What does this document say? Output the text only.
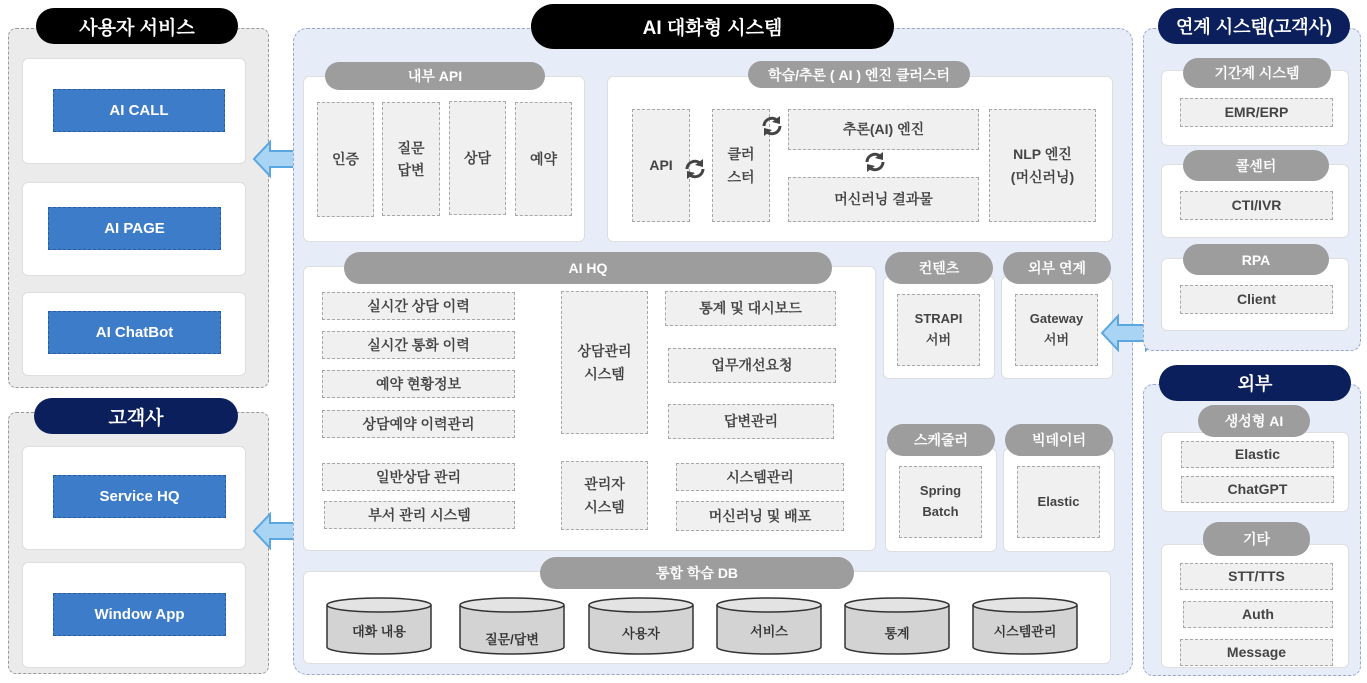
사용자 서비스
AI CALL
AI PAGE
AI ChatBot
고객사
Service HQ
Window App
AI 대화형 시스템
내부 API
인증
질문
답변
상담	예약
학습/추론 ( AI ) 엔진 클러스터
API
클러
스터
추론(AI) 엔진
머신러닝 결과물
NLP 엔진
(머신러닝)
AI HQ
실시간 상담 이력
실시간 통화 이력
예약 현황정보
상담예약 이력관리
일반상담 관리
부서 관리 시스템
상담관리
시스템
관리자
시스템
통계 및 대시보드
업무개선요청
답변관리
시스템관리
머신러닝 및 배포
컨텐츠
STRAPI
서버
외부 연계
Gateway
서버
스케줄러
Spring
Batch
빅데이터
Elastic
통합 학습 DB
대화 내용
질문/답변	사용자	서비스	통계	시스템관리
연계 시스템(고객사)
기간계 시스템
EMR/ERP
콜센터
CTI/IVR
RPA
Client
외부
생성형 AI
Elastic
ChatGPT
기타
STT/TTS
Auth
Message
